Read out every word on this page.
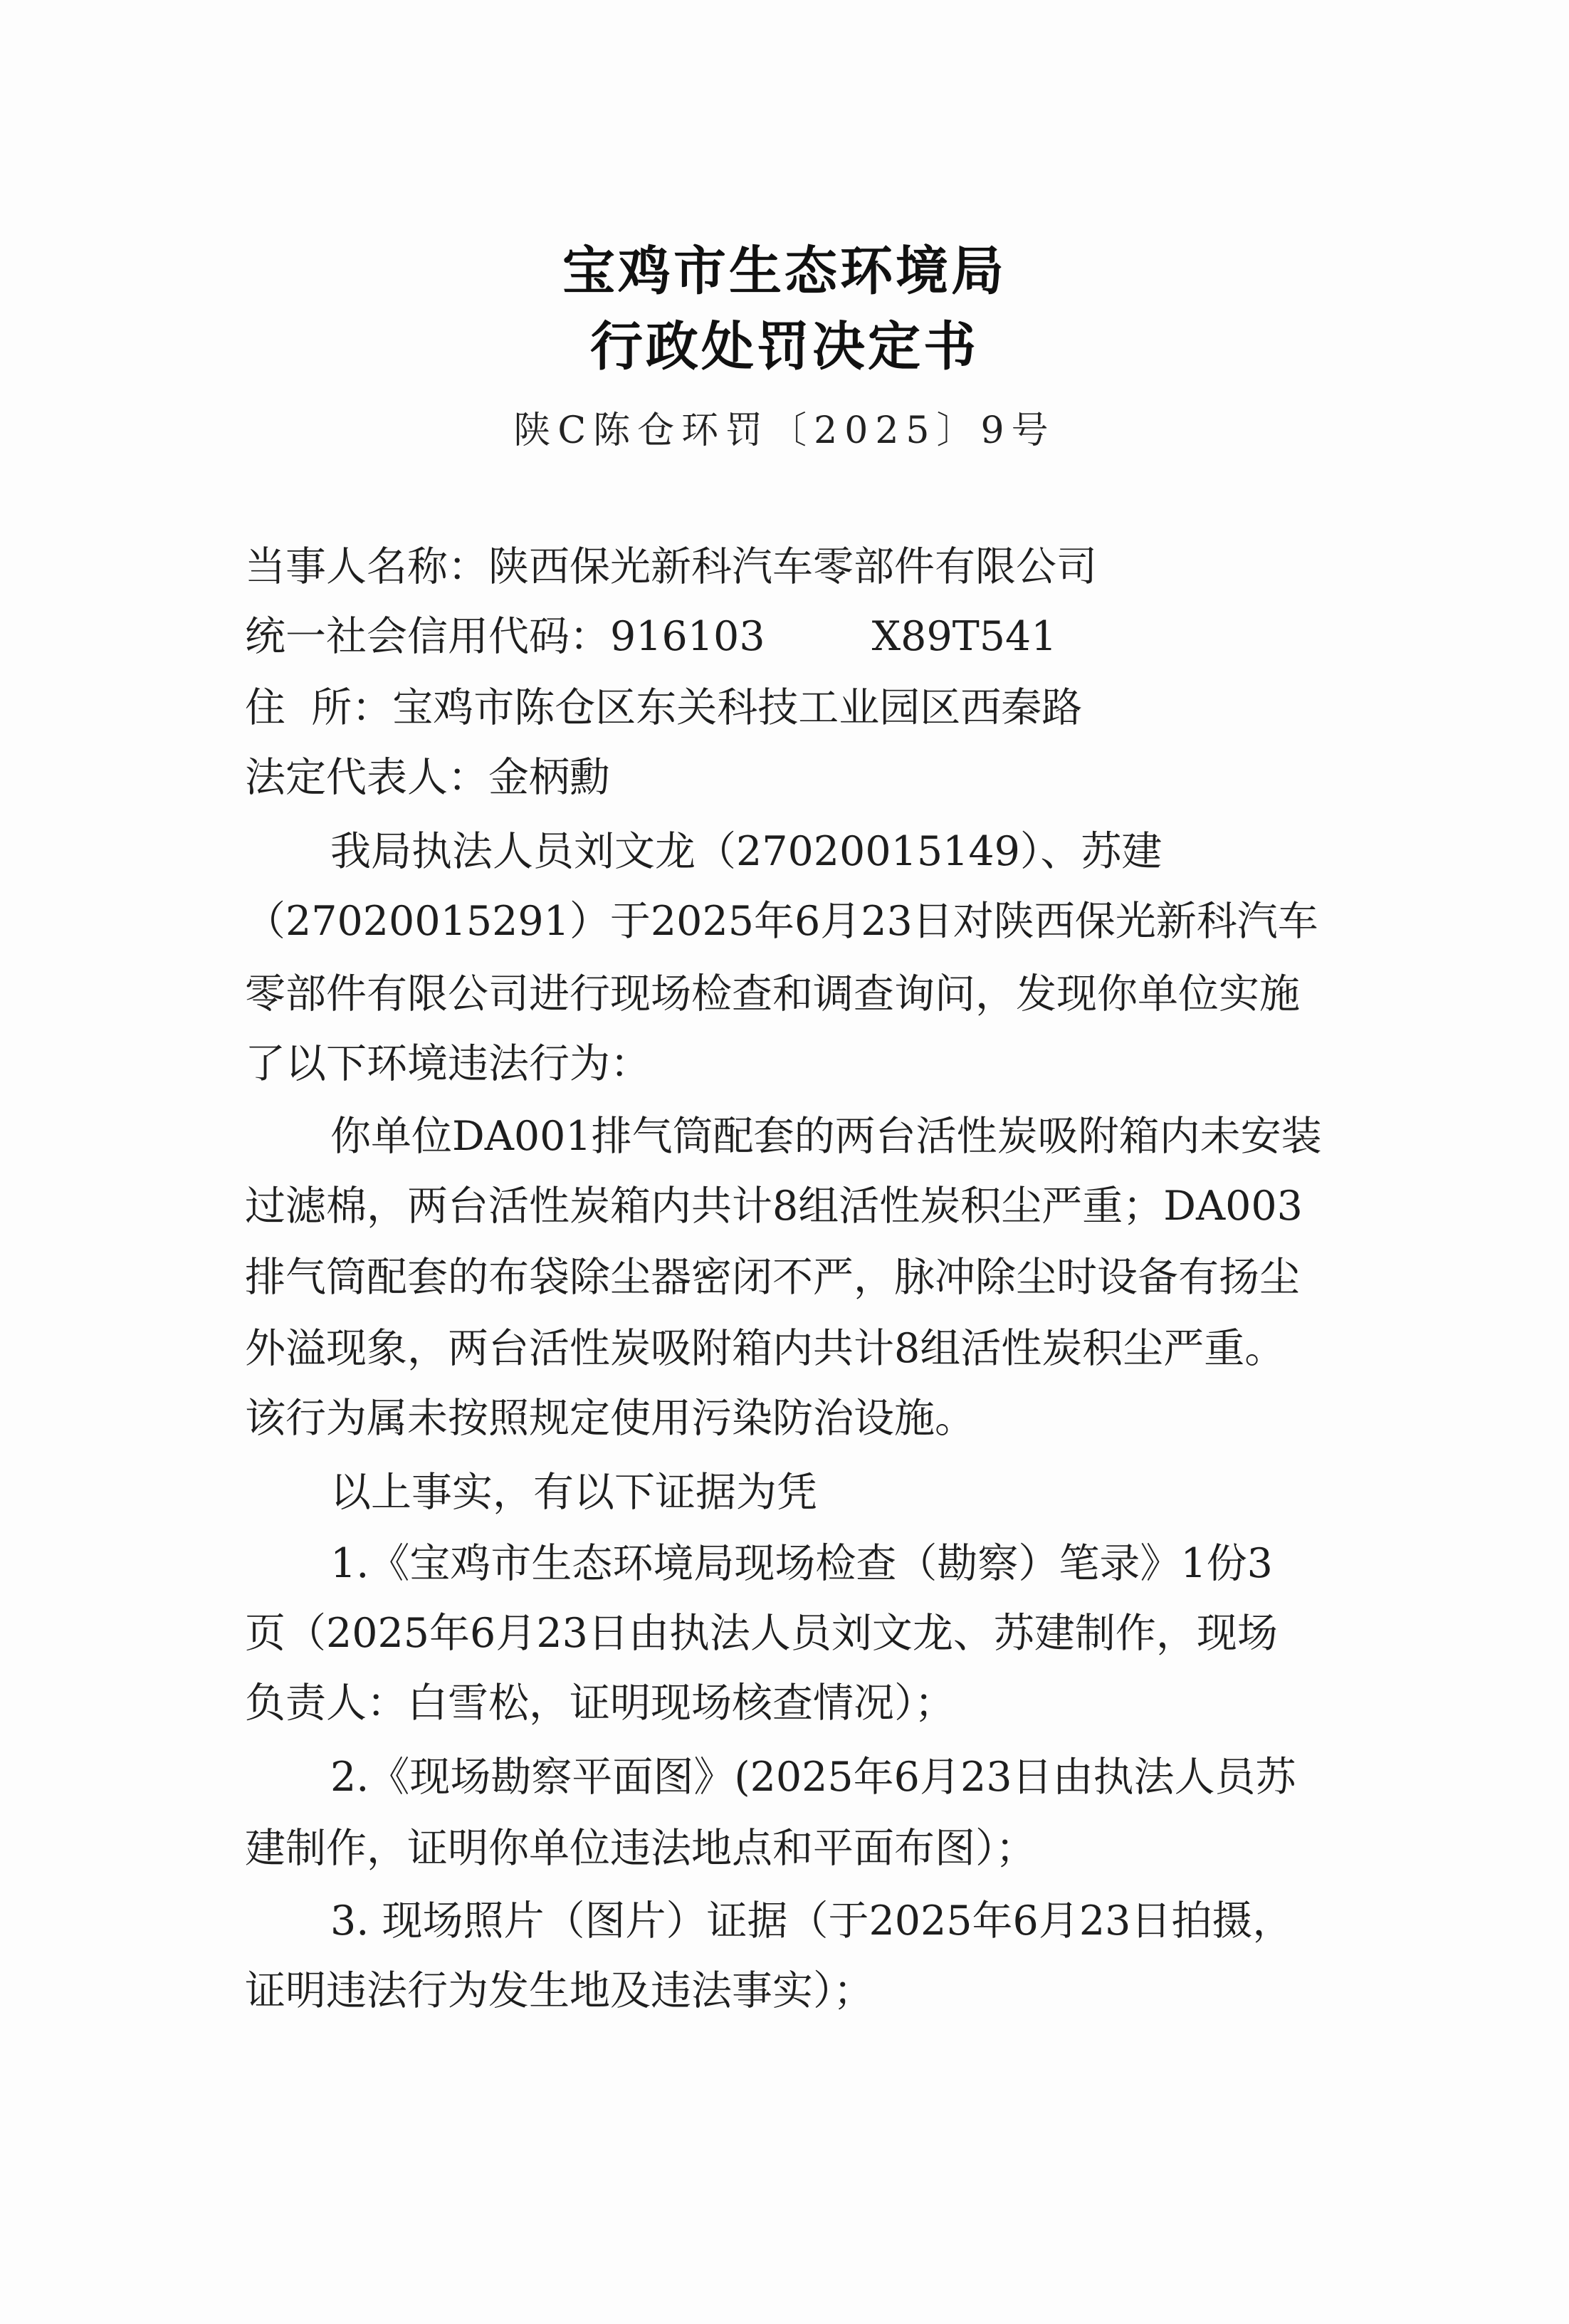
宝鸡市生态环境局
行政处罚决定书
陕C陈仓环罚〔2025〕9号
当事人名称：陕西保光新科汽车零部件有限公司
统一社会信用代码：916103	X89T541
住  所：宝鸡市陈仓区东关科技工业园区西秦路
法定代表人：金柄勳
我局执法人员刘文龙（27020015149）、苏建
（27020015291）于2025年6月23日对陕西保光新科汽车
零部件有限公司进行现场检查和调查询问，发现你单位实施
了以下环境违法行为：
你单位DA001排气筒配套的两台活性炭吸附箱内未安装
过滤棉，两台活性炭箱内共计8组活性炭积尘严重；DA003
排气筒配套的布袋除尘器密闭不严，脉冲除尘时设备有扬尘
外溢现象，两台活性炭吸附箱内共计8组活性炭积尘严重。
该行为属未按照规定使用污染防治设施。
以上事实，有以下证据为凭
1.《宝鸡市生态环境局现场检查（勘察）笔录》1份3
页（2025年6月23日由执法人员刘文龙、苏建制作，现场
负责人：白雪松，证明现场核查情况）；
2.《现场勘察平面图》(2025年6月23日由执法人员苏
建制作，证明你单位违法地点和平面布图）；
3. 现场照片（图片）证据（于2025年6月23日拍摄，
证明违法行为发生地及违法事实）；
